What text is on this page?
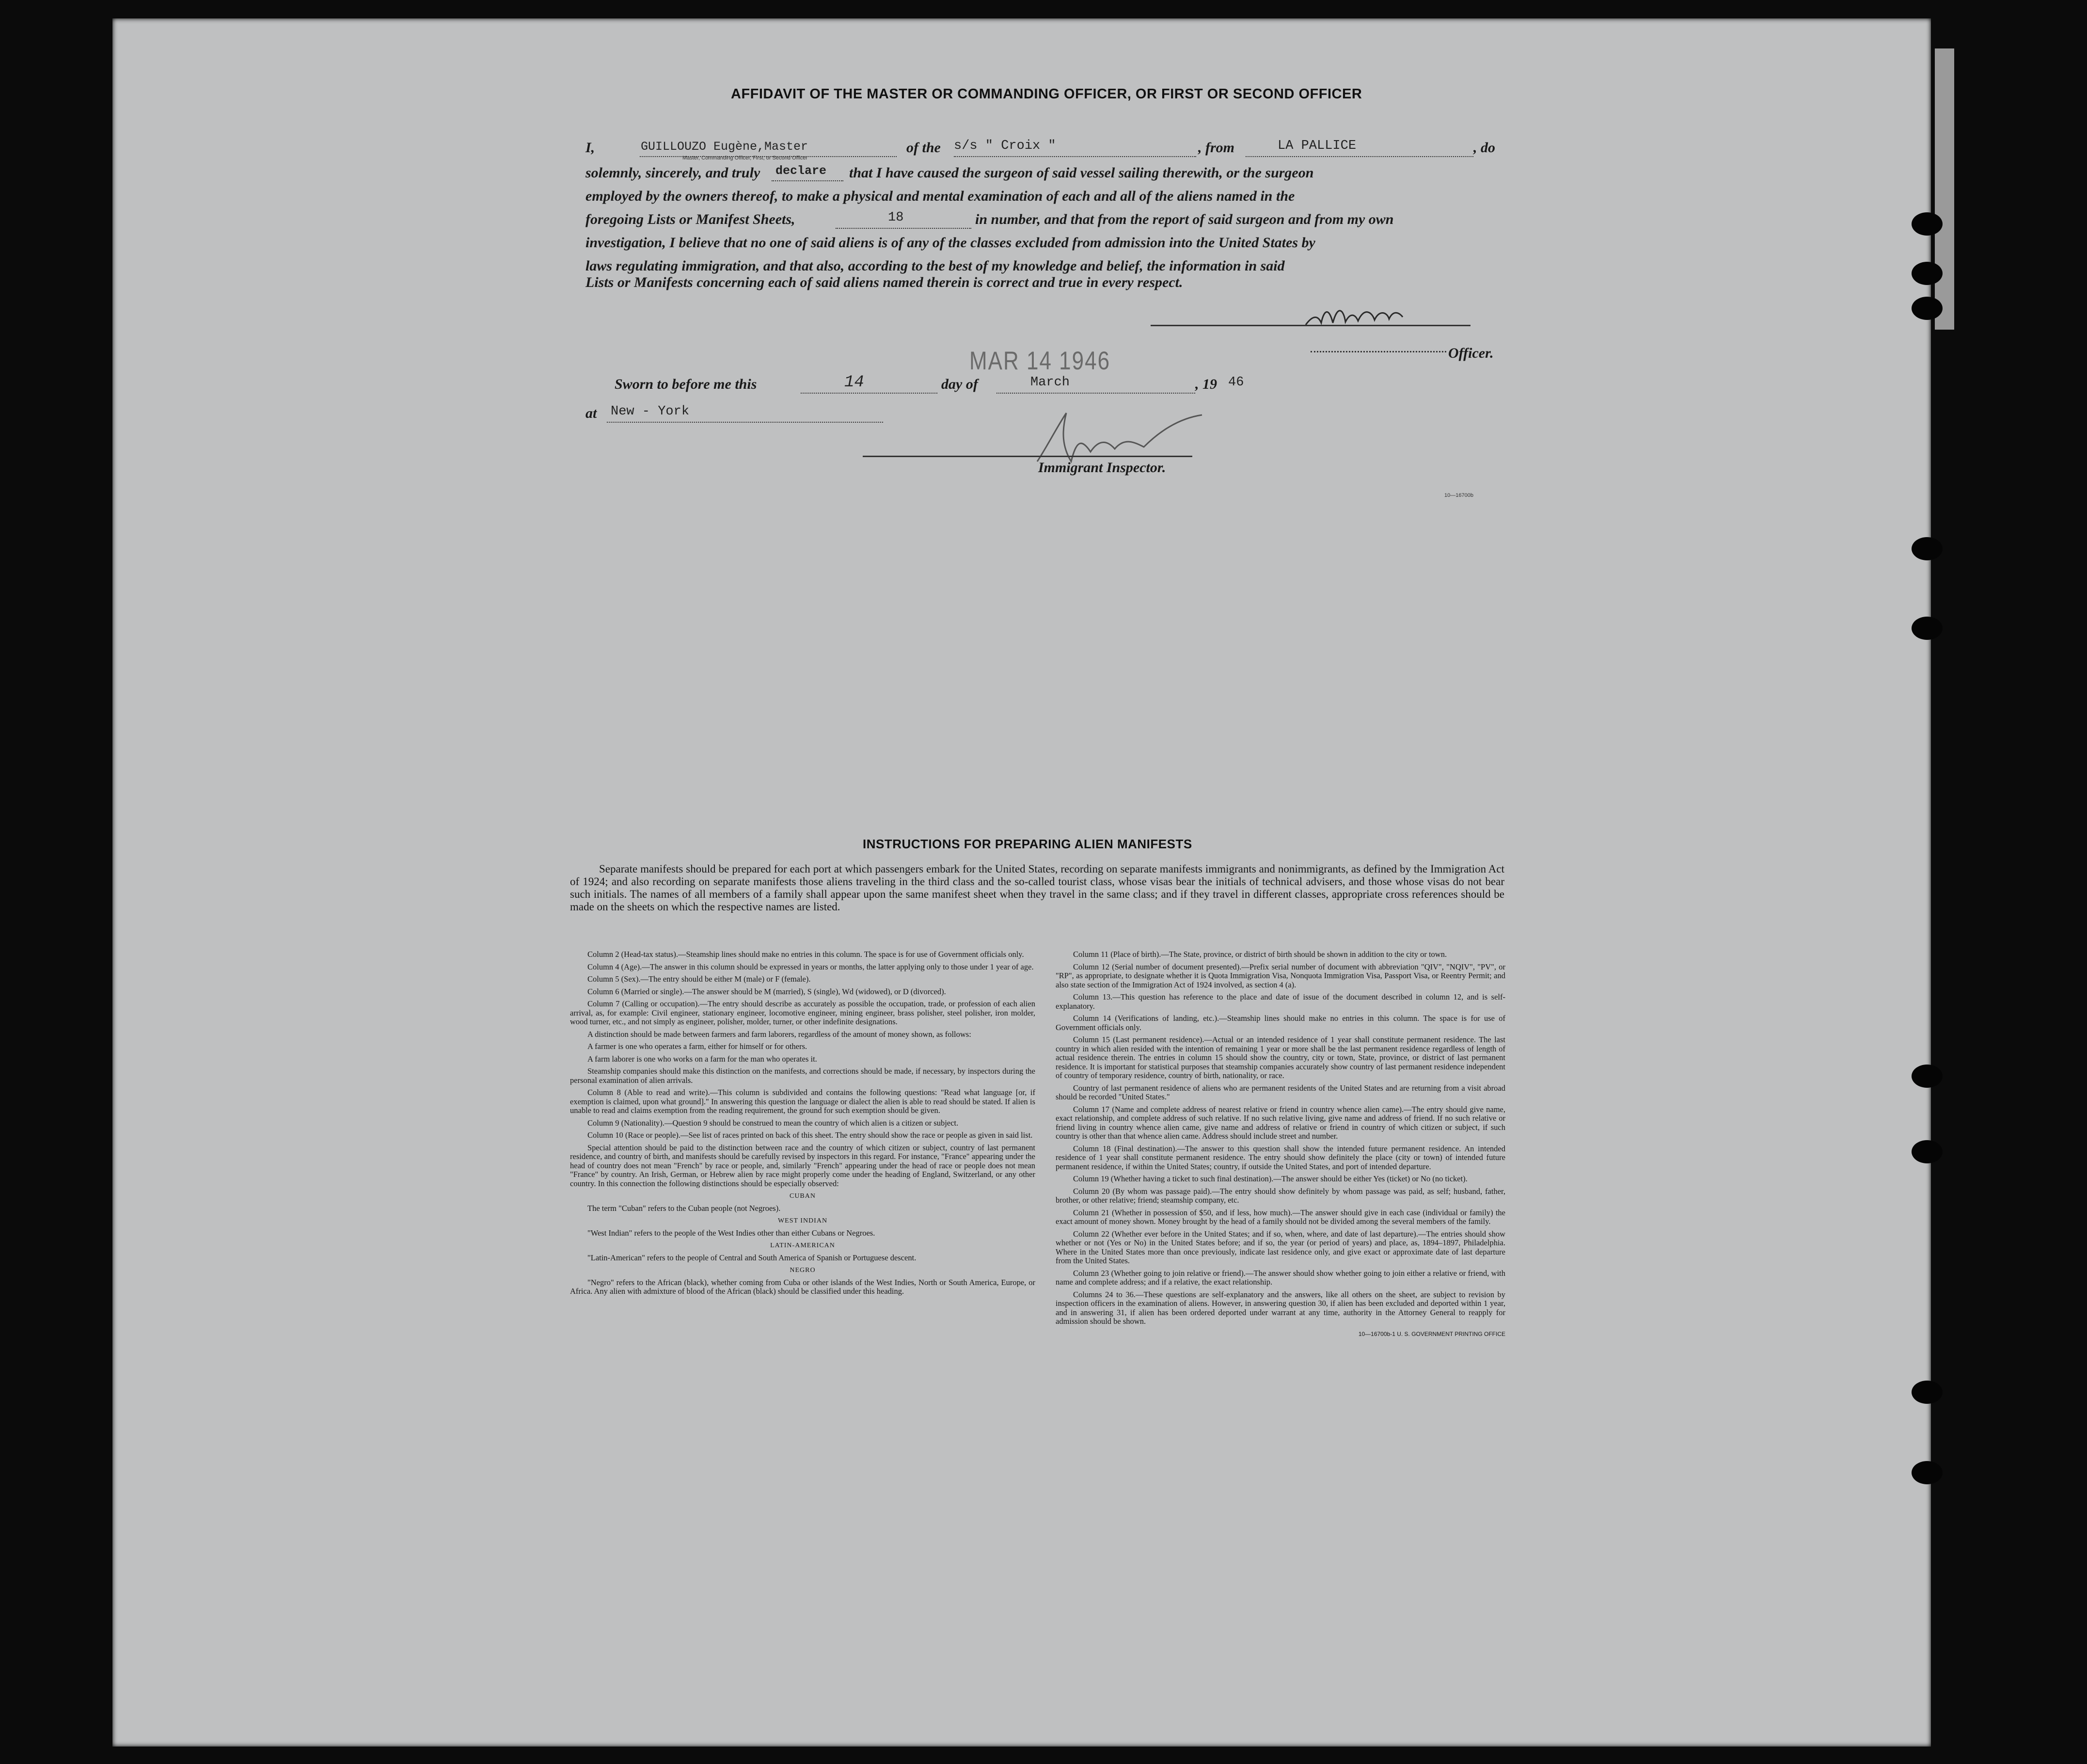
AFFIDAVIT OF THE MASTER OR COMMANDING OFFICER, OR FIRST OR SECOND OFFICER
I,	GUILLOUZO Eugène,Master
Master, Commanding Officer, First, or Second Officer
of the s/s " Croix "	, from	LA PALLICE	, do
solemnly, sincerely, and truly declare that I have caused the surgeon of said vessel sailing therewith, or the surgeon
employed by the owners thereof, to make a physical and mental examination of each and all of the aliens named in the
foregoing Lists or Manifest Sheets,	18	in number, and that from the report of said surgeon and from my own
investigation, I believe that no one of said aliens is of any of the classes excluded from admission into the United States by
laws regulating immigration, and that also, according to the best of my knowledge and belief, the information in said
Lists or Manifests concerning each of said aliens named therein is correct and true in every respect.
Officer.
MAR 14 1946
Sworn to before me this	14	day of	March	, 19 46
at New - York
Immigrant Inspector.
10—16700b
INSTRUCTIONS FOR PREPARING ALIEN MANIFESTS
Separate manifests should be prepared for each port at which passengers embark for the United States, recording on separate manifests immigrants and nonimmigrants, as defined by the Immigration Act of 1924; and also recording on separate manifests those aliens traveling in the third class and the so-called tourist class, whose visas bear the initials of technical advisers, and those whose visas do not bear such initials. The names of all members of a family shall appear upon the same manifest sheet when they travel in the same class; and if they travel in different classes, appropriate cross references should be made on the sheets on which the respective names are listed.

Column 2 (Head-tax status).—Steamship lines should make no entries in this column. The space is for use of Government officials only.

Column 4 (Age).—The answer in this column should be expressed in years or months, the latter applying only to those under 1 year of age.

Column 5 (Sex).—The entry should be either M (male) or F (female).

Column 6 (Married or single).—The answer should be M (married), S (single), Wd (widowed), or D (divorced).

Column 7 (Calling or occupation).—The entry should describe as accurately as possible the occupation, trade, or profession of each alien arrival, as, for example: Civil engineer, stationary engineer, locomotive engineer, mining engineer, brass polisher, steel polisher, iron molder, wood turner, etc., and not simply as engineer, polisher, molder, turner, or other indefinite designations.

A distinction should be made between farmers and farm laborers, regardless of the amount of money shown, as follows:

A farmer is one who operates a farm, either for himself or for others.

A farm laborer is one who works on a farm for the man who operates it.

Steamship companies should make this distinction on the manifests, and corrections should be made, if necessary, by inspectors during the personal examination of alien arrivals.

Column 8 (Able to read and write).—This column is subdivided and contains the following questions: "Read what language [or, if exemption is claimed, upon what ground]." In answering this question the language or dialect the alien is able to read should be stated. If alien is unable to read and claims exemption from the reading requirement, the ground for such exemption should be given.

Column 9 (Nationality).—Question 9 should be construed to mean the country of which alien is a citizen or subject.

Column 10 (Race or people).—See list of races printed on back of this sheet. The entry should show the race or people as given in said list.

Special attention should be paid to the distinction between race and the country of which citizen or subject, country of last permanent residence, and country of birth, and manifests should be carefully revised by inspectors in this regard. For instance, "France" appearing under the head of country does not mean "French" by race or people, and, similarly "French" appearing under the head of race or people does not mean "France" by country. An Irish, German, or Hebrew alien by race might properly come under the heading of England, Switzerland, or any other country. In this connection the following distinctions should be especially observed:

CUBAN

The term "Cuban" refers to the Cuban people (not Negroes).

WEST INDIAN

"West Indian" refers to the people of the West Indies other than either Cubans or Negroes.

LATIN-AMERICAN

"Latin-American" refers to the people of Central and South America of Spanish or Portuguese descent.

NEGRO

"Negro" refers to the African (black), whether coming from Cuba or other islands of the West Indies, North or South America, Europe, or Africa. Any alien with admixture of blood of the African (black) should be classified under this heading.

Column 11 (Place of birth).—The State, province, or district of birth should be shown in addition to the city or town.

Column 12 (Serial number of document presented).—Prefix serial number of document with abbreviation "QIV", "NQIV", "PV", or "RP", as appropriate, to designate whether it is Quota Immigration Visa, Nonquota Immigration Visa, Passport Visa, or Reentry Permit; and also state section of the Immigration Act of 1924 involved, as section 4 (a).

Column 13.—This question has reference to the place and date of issue of the document described in column 12, and is self-explanatory.

Column 14 (Verifications of landing, etc.).—Steamship lines should make no entries in this column. The space is for use of Government officials only.

Column 15 (Last permanent residence).—Actual or an intended residence of 1 year shall constitute permanent residence. The last country in which alien resided with the intention of remaining 1 year or more shall be the last permanent residence regardless of length of actual residence therein. The entries in column 15 should show the country, city or town, State, province, or district of last permanent residence. It is important for statistical purposes that steamship companies accurately show country of last permanent residence independent of country of temporary residence, country of birth, nationality, or race.

Country of last permanent residence of aliens who are permanent residents of the United States and are returning from a visit abroad should be recorded "United States."

Column 17 (Name and complete address of nearest relative or friend in country whence alien came).—The entry should give name, exact relationship, and complete address of such relative. If no such relative living, give name and address of friend. If no such relative or friend living in country whence alien came, give name and address of relative or friend in country of which citizen or subject, if such country is other than that whence alien came. Address should include street and number.

Column 18 (Final destination).—The answer to this question shall show the intended future permanent residence. An intended residence of 1 year shall constitute permanent residence. The entry should show definitely the place (city or town) of intended future permanent residence, if within the United States; country, if outside the United States, and port of intended departure.

Column 19 (Whether having a ticket to such final destination).—The answer should be either Yes (ticket) or No (no ticket).

Column 20 (By whom was passage paid).—The entry should show definitely by whom passage was paid, as self; husband, father, brother, or other relative; friend; steamship company, etc.

Column 21 (Whether in possession of $50, and if less, how much).—The answer should give in each case (individual or family) the exact amount of money shown. Money brought by the head of a family should not be divided among the several members of the family.

Column 22 (Whether ever before in the United States; and if so, when, where, and date of last departure).—The entries should show whether or not (Yes or No) in the United States before; and if so, the year (or period of years) and place, as, 1894–1897, Philadelphia. Where in the United States more than once previously, indicate last residence only, and give exact or approximate date of last departure from the United States.

Column 23 (Whether going to join relative or friend).—The answer should show whether going to join either a relative or friend, with name and complete address; and if a relative, the exact relationship.

Columns 24 to 36.—These questions are self-explanatory and the answers, like all others on the sheet, are subject to revision by inspection officers in the examination of aliens. However, in answering question 30, if alien has been excluded and deported within 1 year, and in answering 31, if alien has been ordered deported under warrant at any time, authority in the Attorney General to reapply for admission should be shown.

10—16700b-1 U. S. GOVERNMENT PRINTING OFFICE
